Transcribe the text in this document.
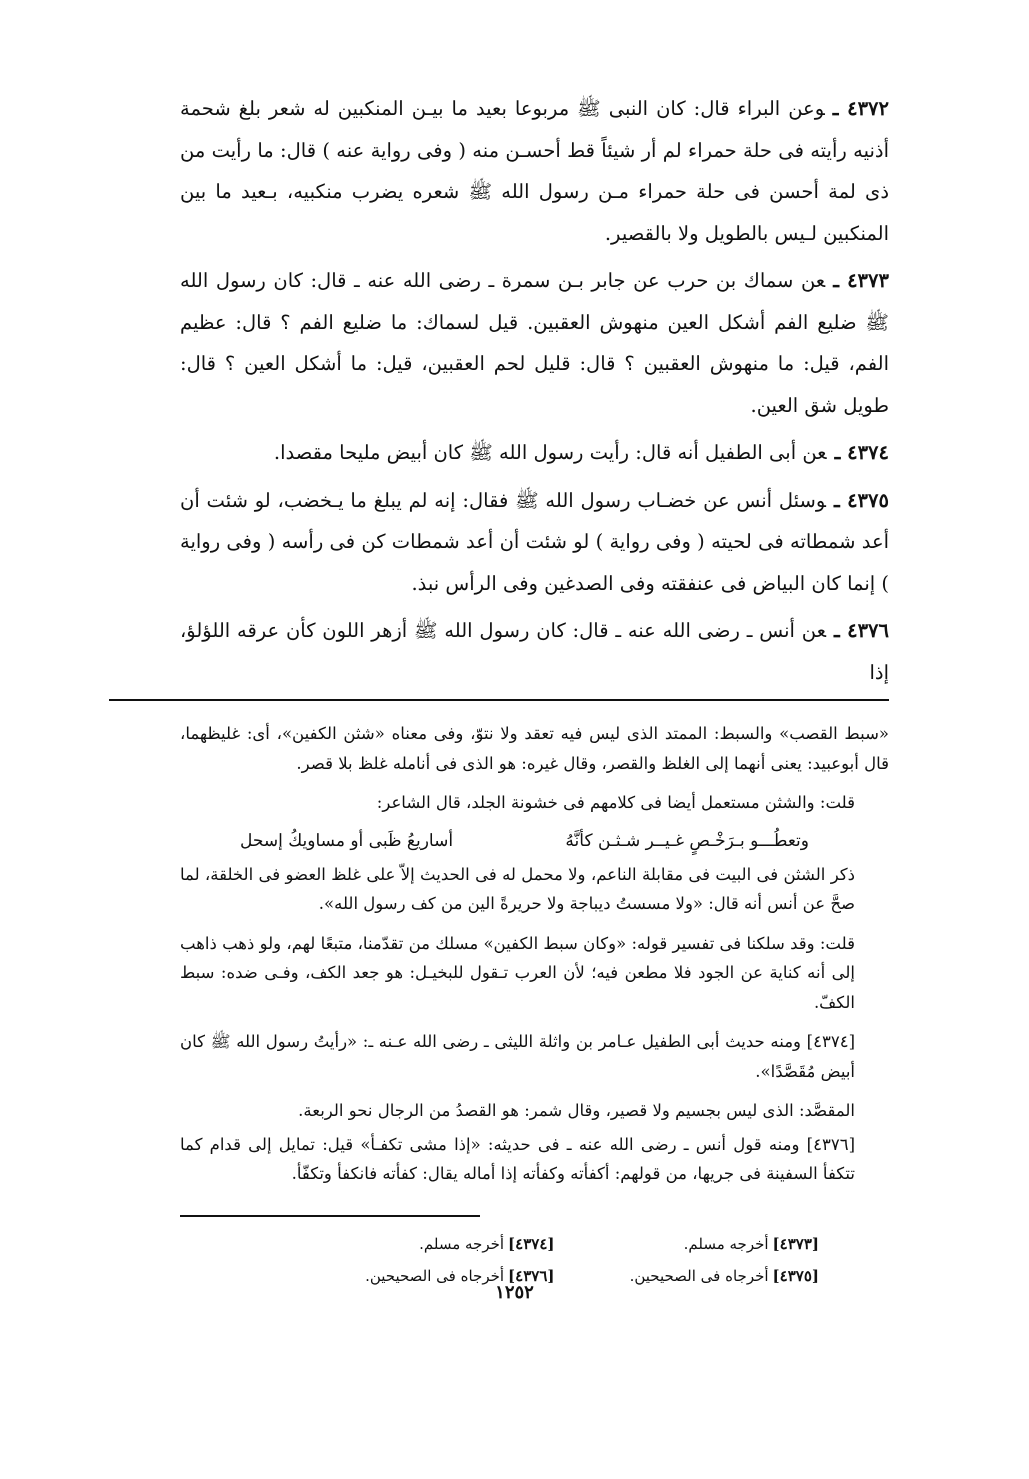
٤٣٧٢ ـوعن البراء قال: كان النبى ﷺ مربوعا بعيد ما بيـن المنكبين له شعر بلغ شحمة أذنيه رأيته فى حلة حمراء لم أر شيئاً قط أحسـن منه ( وفى رواية عنه ) قال: ما رأيت من ذى لمة أحسن فى حلة حمراء مـن رسول الله ﷺ شعره يضرب منكبيه، بـعيد ما بين المنكبين لـيس بالطويل ولا بالقصير.

٤٣٧٣ ـعن سماك بن حرب عن جابر بـن سمرة ـ رضى الله عنه ـ قال: كان رسول الله ﷺ ضليع الفم أشكل العين منهوش العقبين. قيل لسماك: ما ضليع الفم ؟ قال: عظيم الفم، قيل: ما منهوش العقبين ؟ قال: قليل لحم العقبين، قيل: ما أشكل العين ؟ قال: طويل شق العين.

٤٣٧٤ ـعن أبى الطفيل أنه قال: رأيت رسول الله ﷺ كان أبيض مليحا مقصدا.

٤٣٧٥ ـوسئل أنس عن خضـاب رسول الله ﷺ فقال: إنه لم يبلغ ما يـخضب، لو شئت أن أعد شمطاته فى لحيته ( وفى رواية ) لو شئت أن أعد شمطات كن فى رأسه ( وفى رواية ) إنما كان البياض فى عنفقته وفى الصدغين وفى الرأس نبذ.

٤٣٧٦ ـعن أنس ـ رضى الله عنه ـ قال: كان رسول الله ﷺ أزهر اللون كأن عرقه اللؤلؤ، إذا

«سبط القصب» والسبط: الممتد الذى ليس فيه تعقد ولا نتوّ، وفى معناه «شثن الكفين»، أى: غليظهما، قال أبوعبيد: يعنى أنهما إلى الغلظ والقصر، وقال غيره: هو الذى فى أنامله غلظ بلا قصر.

قلت: والشثن مستعمل أيضا فى كلامهم فى خشونة الجلد، قال الشاعر:

وتعطُـــو بـرَخْـصٍ غـيــر شـثـن كأنَّهُ
أساريعُ ظَبى أو مساويكُ إسحل

ذكر الشثن فى البيت فى مقابلة الناعم، ولا محمل له فى الحديث إلاّ على غلظ العضو فى الخلقة، لما صحَّ عن أنس أنه قال: «ولا مسستُ ديباجة ولا حريرةً الين من كف رسول الله».

قلت: وقد سلكنا فى تفسير قوله: «وكان سبط الكفين» مسلك من تقدّمنا، متبعًا لهم، ولو ذهب ذاهب إلى أنه كناية عن الجود فلا مطعن فيه؛ لأن العرب تـقول للبخيـل: هو جعد الكف، وفـى ضده: سبط الكفّ.

[٤٣٧٤] ومنه حديث أبى الطفيل عـامر بن واثلة الليثى ـ رضى الله عـنه ـ: «رأيتُ رسول الله ﷺ كان أبيض مُقَصَّدًا».

المقصَّد: الذى ليس بجسيم ولا قصير، وقال شمر: هو القصدُ من الرجال نحو الربعة.

[٤٣٧٦] ومنه قول أنس ـ رضى الله عنه ـ فى حديثه: «إذا مشى تكفـأ» قيل: تمايل إلى قدام كما تتكفأ السفينة فى جريها، من قولهم: أكفأته وكفأته إذا أماله يقال: كفأته فانكفأ وتكفّأ.

[٤٣٧٣]أخرجه مسلم.
[٤٣٧٤]أخرجه مسلم.
[٤٣٧٥]أخرجاه فى الصحيحين.
[٤٣٧٦]أخرجاه فى الصحيحين.
١٢٥٢
